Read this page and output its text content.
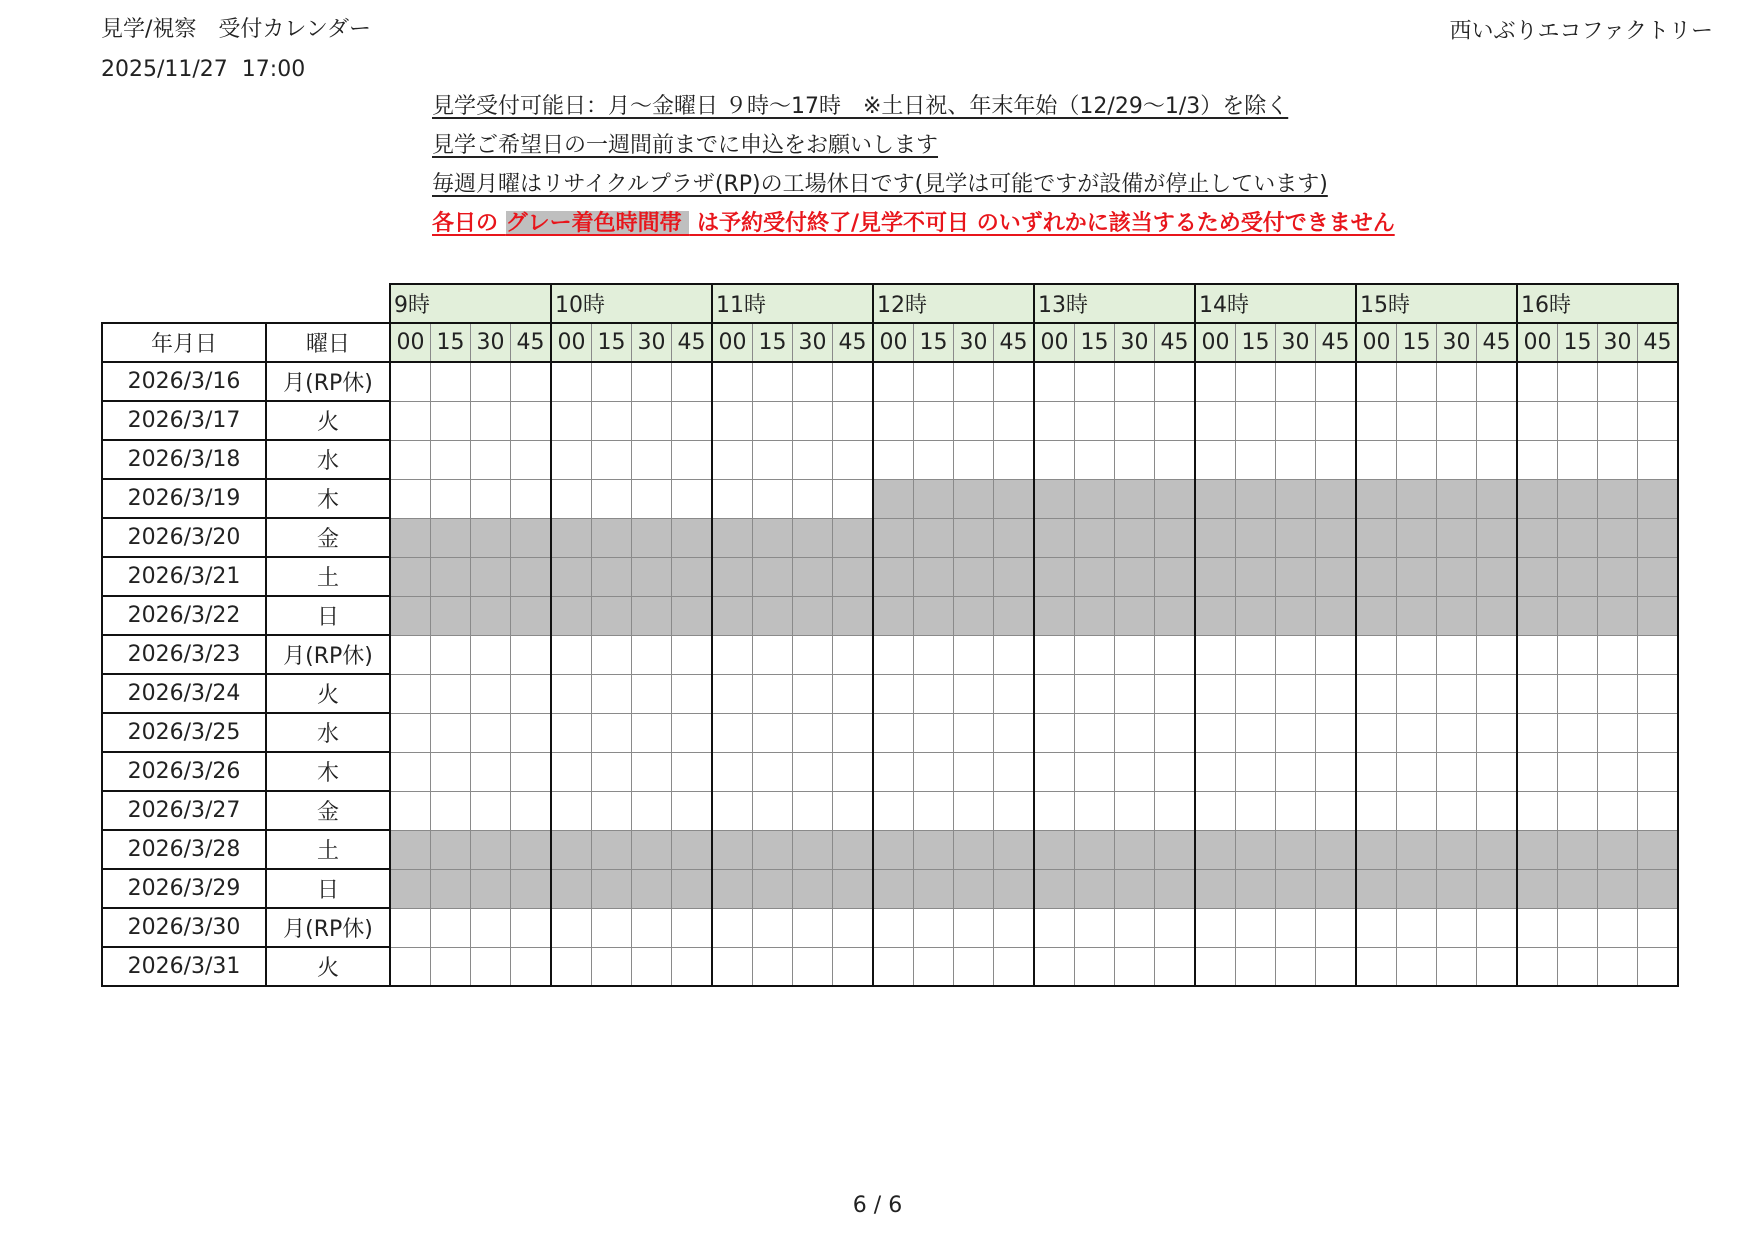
見学/視察　受付カレンダー
2025/11/27  17:00
西いぶりエコファクトリー
見学受付可能日：月～金曜日 ９時～17時　※土日祝、年末年始（12/29～1/3）を除く
見学ご希望日の一週間前までに申込をお願いします
毎週月曜はリサイクルプラザ(RP)の工場休日です(見学は可能ですが設備が停止しています)
各日の グレー着色時間帯  は予約受付終了/見学不可日 のいずれかに該当するため受付できません
		9時				10時				11時				12時				13時				14時				15時				16時			
年月日	曜日	00	15	30	45	00	15	30	45	00	15	30	45	00	15	30	45	00	15	30	45	00	15	30	45	00	15	30	45	00	15	30	45
2026/3/16	月(RP休)																																
2026/3/17	火																																
2026/3/18	水																																
2026/3/19	木																																
2026/3/20	金																																
2026/3/21	土																																
2026/3/22	日																																
2026/3/23	月(RP休)																																
2026/3/24	火																																
2026/3/25	水																																
2026/3/26	木																																
2026/3/27	金																																
2026/3/28	土																																
2026/3/29	日																																
2026/3/30	月(RP休)																																
2026/3/31	火																																
6 / 6
